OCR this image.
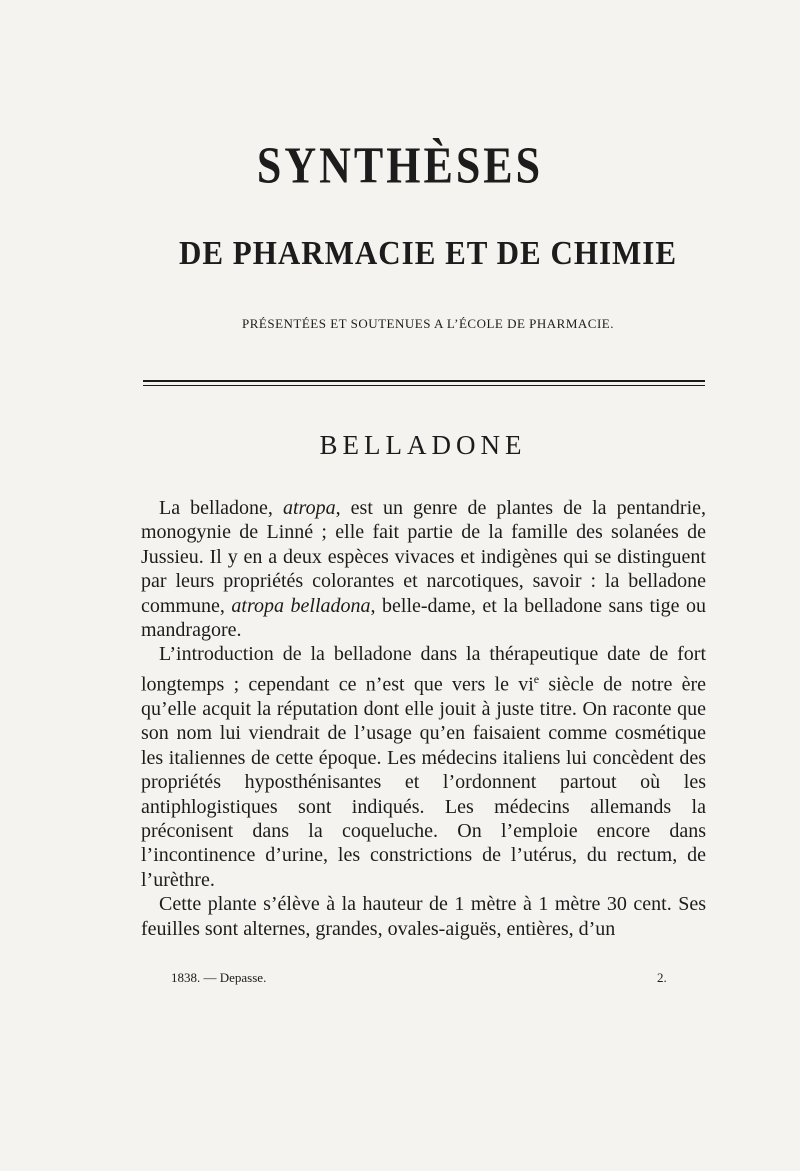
SYNTHÈSES
DE PHARMACIE ET DE CHIMIE
PRÉSENTÉES ET SOUTENUES A L’ÉCOLE DE PHARMACIE.
BELLADONE

La belladone, atropa, est un genre de plantes de la pentandrie, monogynie de Linné ; elle fait partie de la famille des solanées de Jussieu. Il y en a deux espèces vivaces et indigènes qui se distinguent par leurs propriétés colorantes et narcotiques, savoir : la belladone commune, atropa belladona, belle-dame, et la belladone sans tige ou mandragore.

L’introduction de la belladone dans la thérapeutique date de fort longtemps ; cependant ce n’est que vers le $vi^e$ siècle de notre ère qu’elle acquit la réputation dont elle jouit à juste titre. On raconte que son nom lui viendrait de l’usage qu’en faisaient comme cosmétique les italiennes de cette époque. Les médecins italiens lui concèdent des propriétés hyposthénisantes et l’ordonnent partout où les antiphlogistiques sont indiqués. Les médecins allemands la préconisent dans la coqueluche. On l’emploie encore dans l’incontinence d’urine, les constrictions de l’utérus, du rectum, de l’urèthre.

Cette plante s’élève à la hauteur de 1 mètre à 1 mètre 30 cent. Ses feuilles sont alternes, grandes, ovales-aiguës, entières, d’un

1838. — Depasse.	2.
